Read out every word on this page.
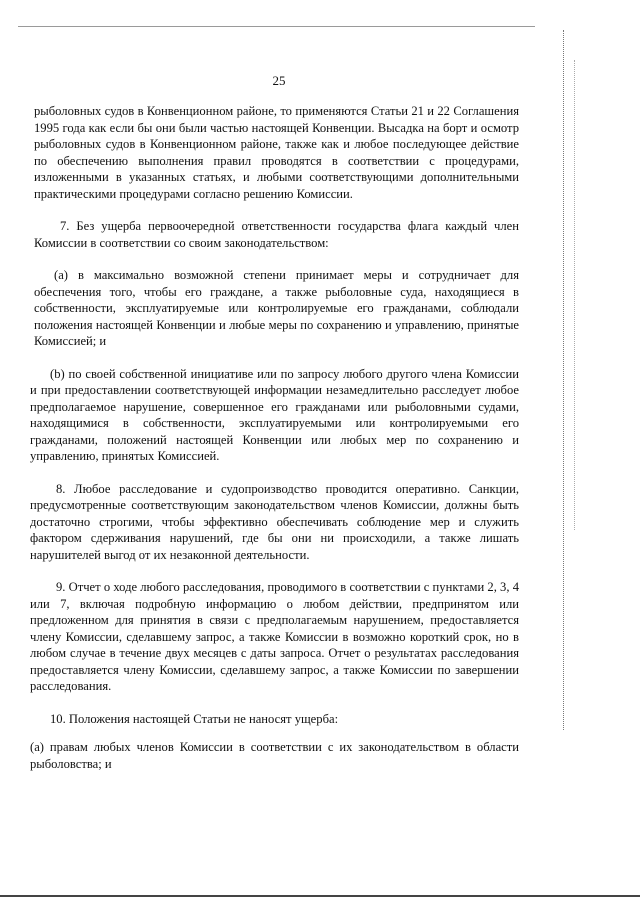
25

рыболовных судов в Конвенционном районе, то применяются Статьи 21 и 22 Соглашения 1995 года как если бы они были частью настоящей Конвенции. Высадка на борт и осмотр рыболовных судов в Конвенционном районе, также как и любое последующее действие по обеспечению выполнения правил проводятся в соответствии с процедурами, изложенными в указанных статьях, и любыми соответствующими дополнительными практическими процедурами согласно решению Комиссии.

7. Без ущерба первоочередной ответственности государства флага каждый член Комиссии в соответствии со своим законодательством:

(a) в максимально возможной степени принимает меры и сотрудничает для обеспечения того, чтобы его граждане, а также рыболовные суда, находящиеся в собственности, эксплуатируемые или контролируемые его гражданами, соблюдали положения настоящей Конвенции и любые меры по сохранению и управлению, принятые Комиссией; и

(b) по своей собственной инициативе или по запросу любого другого члена Комиссии и при предоставлении соответствующей информации незамедлительно расследует любое предполагаемое нарушение, совершенное его гражданами или рыболовными судами, находящимися в собственности, эксплуатируемыми или контролируемыми его гражданами, положений настоящей Конвенции или любых мер по сохранению и управлению, принятых Комиссией.

8. Любое расследование и судопроизводство проводится оперативно. Санкции, предусмотренные соответствующим законодательством членов Комиссии, должны быть достаточно строгими, чтобы эффективно обеспечивать соблюдение мер и служить фактором сдерживания нарушений, где бы они ни происходили, а также лишать нарушителей выгод от их незаконной деятельности.

9. Отчет о ходе любого расследования, проводимого в соответствии с пунктами 2, 3, 4 или 7, включая подробную информацию о любом действии, предпринятом или предложенном для принятия в связи с предполагаемым нарушением, предоставляется члену Комиссии, сделавшему запрос, а также Комиссии в возможно короткий срок, но в любом случае в течение двух месяцев с даты запроса. Отчет о результатах расследования предоставляется члену Комиссии, сделавшему запрос, а также Комиссии по завершении расследования.

10. Положения настоящей Статьи не наносят ущерба:

(a) правам любых членов Комиссии в соответствии с их законодательством в области рыболовства; и
